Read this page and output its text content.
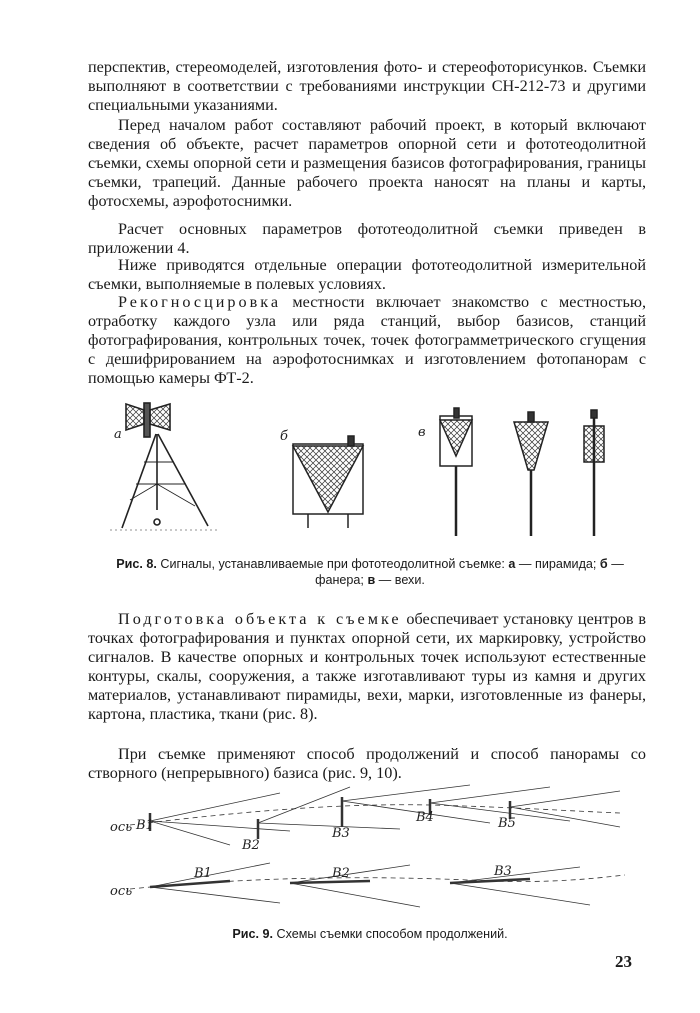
перспектив, стереомоделей, изготовления фото- и стереофоторисунков. Съемки выполняют в соответствии с требованиями инструкции СН-212-73 и другими специальными указаниями.

Перед началом работ составляют рабочий проект, в который включают сведения об объекте, расчет параметров опорной сети и фототеодолитной съемки, схемы опорной сети и размещения базисов фотографирования, границы съемки, трапеций. Данные рабочего проекта наносят на планы и карты, фотосхемы, аэрофотоснимки.

Расчет основных параметров фототеодолитной съемки приведен в приложении 4.

Ниже приводятся отдельные операции фототеодолитной измерительной съемки, выполняемые в полевых условиях.

Рекогносцировка местности включает знакомство с местностью, отработку каждого узла или ряда станций, выбор базисов, станций фотографирования, контрольных точек, точек фотограмметрического сгущения с дешифрированием на аэрофотоснимках и изготовлением фотопанорам с помощью камеры ФТ-2.

а	б	в
Рис. 8. Сигналы, устанавливаемые при фототеодолитной съемке: а — пирамида; б — фанера; в — вехи.

Подготовка объекта к съемке обеспечивает установку центров в точках фотографирования и пунктах опорной сети, их маркировку, устройство сигналов. В качестве опорных и контрольных точек используют естественные контуры, скалы, сооружения, а также изготавливают туры из камня и других материалов, устанавливают пирамиды, вехи, марки, изготовленные из фанеры, картона, пластика, ткани (рис. 8).

При съемке применяют способ продолжений и способ панорамы со створного (непрерывного) базиса (рис. 9, 10).

ось B1
B2
B3
B4	B5
ось
B1	B2	B3
Рис. 9. Схемы съемки способом продолжений.
23
